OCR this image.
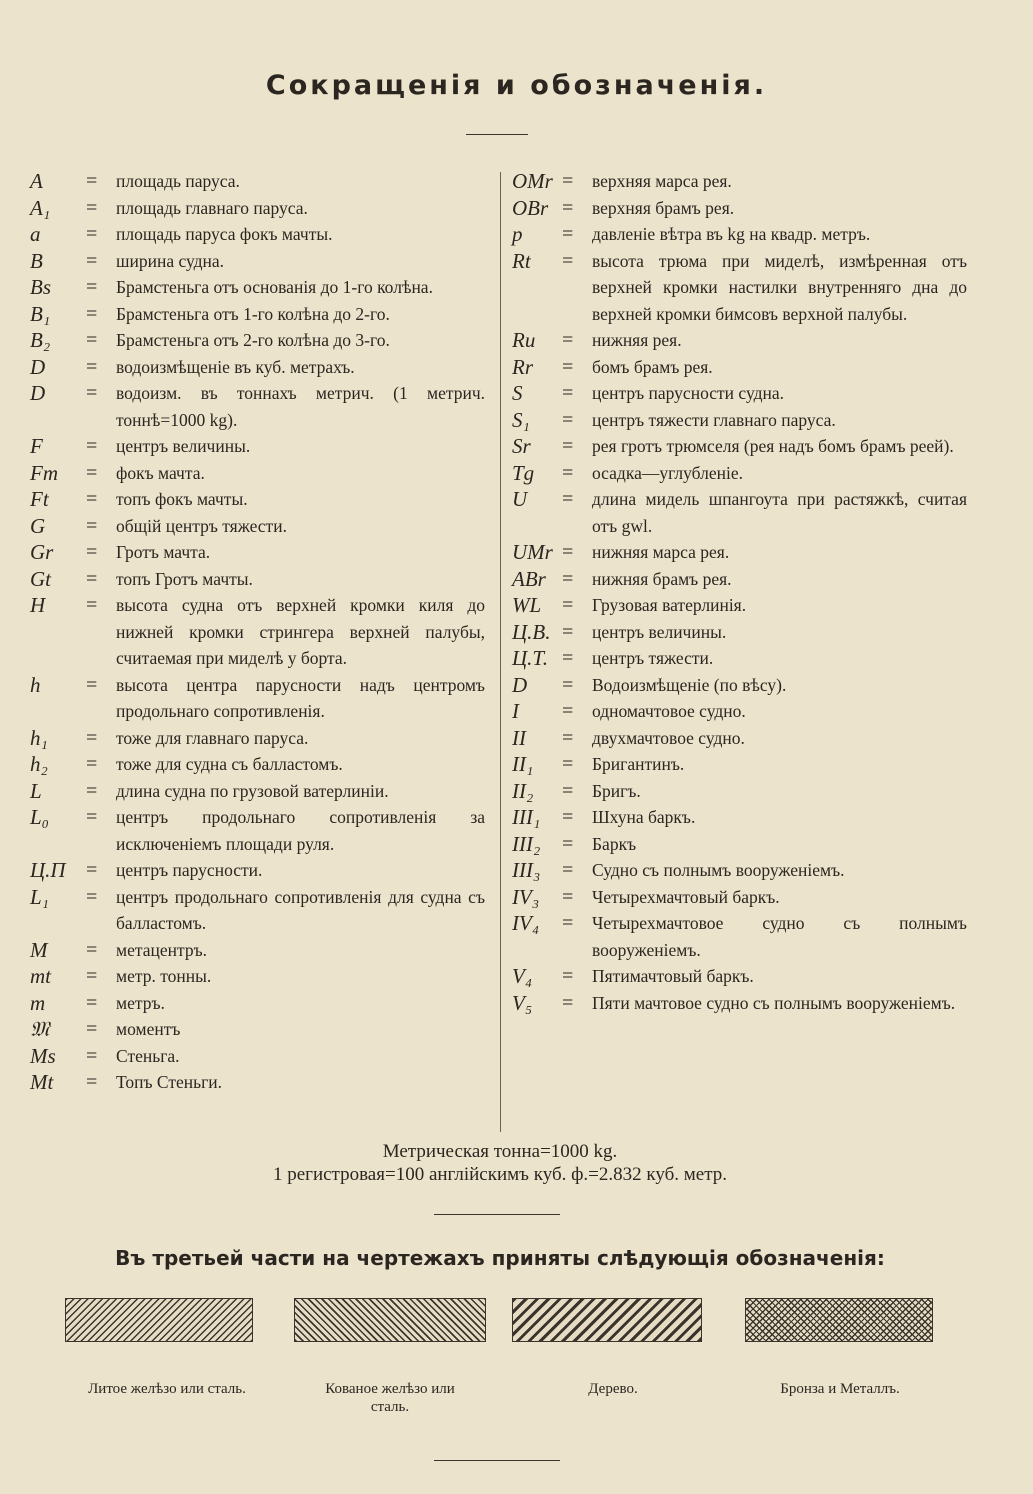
Сокращенія и обозначенія.
A	=	площадь паруса.
A₁	=	площадь главнаго паруса.
a	=	площадь паруса фокъ мачты.
B	=	ширина судна.
Bs	=	Брамстеньга отъ основанія до 1-го колѣна.
B₁	=	Брамстеньга отъ 1-го колѣна до 2-го.
B₂	=	Брамстеньга отъ 2-го колѣна до 3-го.
D	=	водоизмѣщеніе въ куб. метрахъ.
D	=	водоизм. въ тоннахъ метрич. (1 метрич. тоннѣ=1000 kg).
F	=	центръ величины.
Fm	=	фокъ мачта.
Ft	=	топъ фокъ мачты.
G	=	общій центръ тяжести.
Gr	=	Гротъ мачта.
Gt	=	топъ Гротъ мачты.
H	=	высота судна отъ верхней кромки киля до нижней кромки стрингера верхней палубы, считаемая при миделѣ у борта.
h	=	высота центра парусности надъ центромъ продольнаго сопротивленія.
h₁	=	тоже для главнаго паруса.
h₂	=	тоже для судна съ балластомъ.
L	=	длина судна по грузовой ватерлиніи.
L₀	=	центръ продольнаго сопротивленія за исключеніемъ площади руля.
Ц.П	=	центръ парусности.
L₁	=	центръ продольнаго сопротивленія для судна съ балластомъ.
M	=	метацентръ.
mt	=	метр. тонны.
m	=	метръ.
𝔐	=	моментъ
Ms	=	Стеньга.
Mt	=	Топъ Стеньги.
OMr =	верхняя марса рея.
OBr =	верхняя брамъ рея.
p	=	давленіе вѣтра въ kg на квадр. метръ.
Rt	=	высота трюма при миделѣ, измѣренная отъ верхней кромки настилки внутренняго дна до верхней кромки бимсовъ верхной палубы.
Ru	=	нижняя рея.
Rr	=	бомъ брамъ рея.
S	=	центръ парусности судна.
S₁	=	центръ тяжести главнаго паруса.
Sr	=	рея гротъ трюмселя (рея надъ бомъ брамъ реей).
Tg	=	осадка—углубленіе.
U	=	длина мидель шпангоута при растяжкѣ, считая отъ gwl.
UMr =	нижняя марса рея.
ABr =	нижняя брамъ рея.
WL	=	Грузовая ватерлинія.
Ц.В. =	центръ величины.
Ц.Т. =	центръ тяжести.
D	=	Водоизмѣщеніе (по вѣсу).
I	=	одномачтовое судно.
II	=	двухмачтовое судно.
II₁	=	Бригантинъ.
II₂	=	Бригъ.
III₁	=	Шхуна баркъ.
III₂	=	Баркъ
III₃	=	Судно съ полнымъ вооруженіемъ.
IV₃	=	Четырехмачтовый баркъ.
IV₄	=	Четырехмачтовое судно съ полнымъ вооруженіемъ.
V₄	=	Пятимачтовый баркъ.
V₅	=	Пяти мачтовое судно съ полнымъ вооруженіемъ.
Метрическая тонна=1000 kg.
1 регистровая=100 англійскимъ куб. ф.=2.832 куб. метр.
Въ третьей части на чертежахъ приняты слѣдующія обозначенія:
Литое желѣзо или сталь.	Кованое желѣзо или сталь.
Дерево.	Бронза и Металлъ.
